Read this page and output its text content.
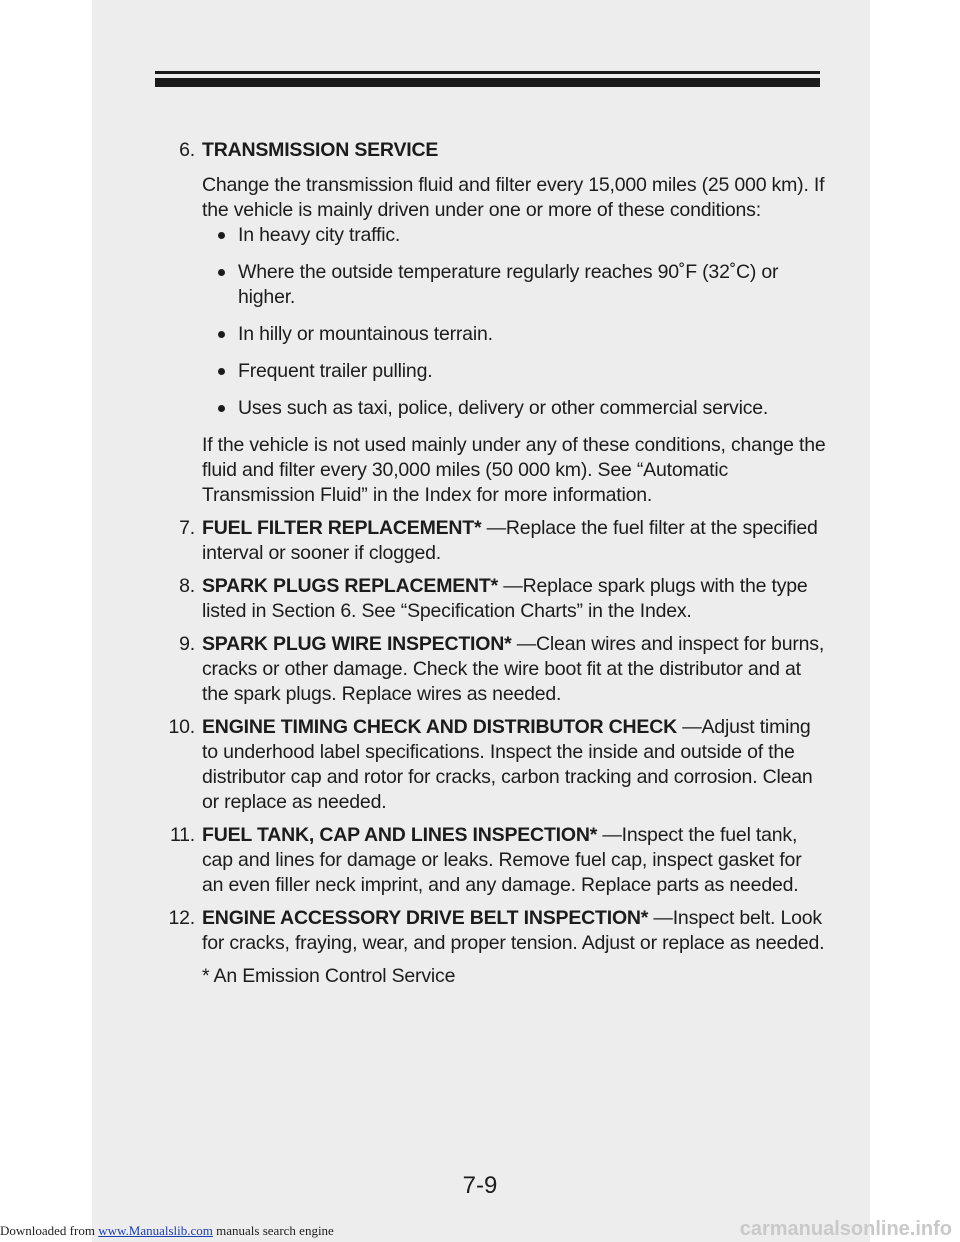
6. TRANSMISSION SERVICE

Change the transmission fluid and filter every 15,000 miles (25 000 km). If the vehicle is mainly driven under one or more of these conditions:

In heavy city traffic.
Where the outside temperature regularly reaches 90˚F (32˚C) or higher.
In hilly or mountainous terrain.
Frequent trailer pulling.
Uses such as taxi, police, delivery or other commercial service.

If the vehicle is not used mainly under any of these conditions, change the fluid and filter every 30,000 miles (50 000 km). See “Automatic Transmission Fluid” in the Index for more information.

7. FUEL FILTER REPLACEMENT* —Replace the fuel filter at the specified interval or sooner if clogged.

8. SPARK PLUGS REPLACEMENT* —Replace spark plugs with the type listed in Section 6. See “Specification Charts” in the Index.

9. SPARK PLUG WIRE INSPECTION* —Clean wires and inspect for burns, cracks or other damage. Check the wire boot fit at the distributor and at the spark plugs. Replace wires as needed.

10. ENGINE TIMING CHECK AND DISTRIBUTOR CHECK —Adjust timing to underhood label specifications. Inspect the inside and outside of the distributor cap and rotor for cracks, carbon tracking and corrosion. Clean or replace as needed.

11. FUEL TANK, CAP AND LINES INSPECTION* —Inspect the fuel tank, cap and lines for damage or leaks. Remove fuel cap, inspect gasket for an even filler neck imprint, and any damage. Replace parts as needed.

12. ENGINE ACCESSORY DRIVE BELT INSPECTION* —Inspect belt. Look for cracks, fraying, wear, and proper tension. Adjust or replace as needed.

* An Emission Control Service
7-9
Downloaded from www.Manualslib.com manuals search engine	carmanualsonline.info
